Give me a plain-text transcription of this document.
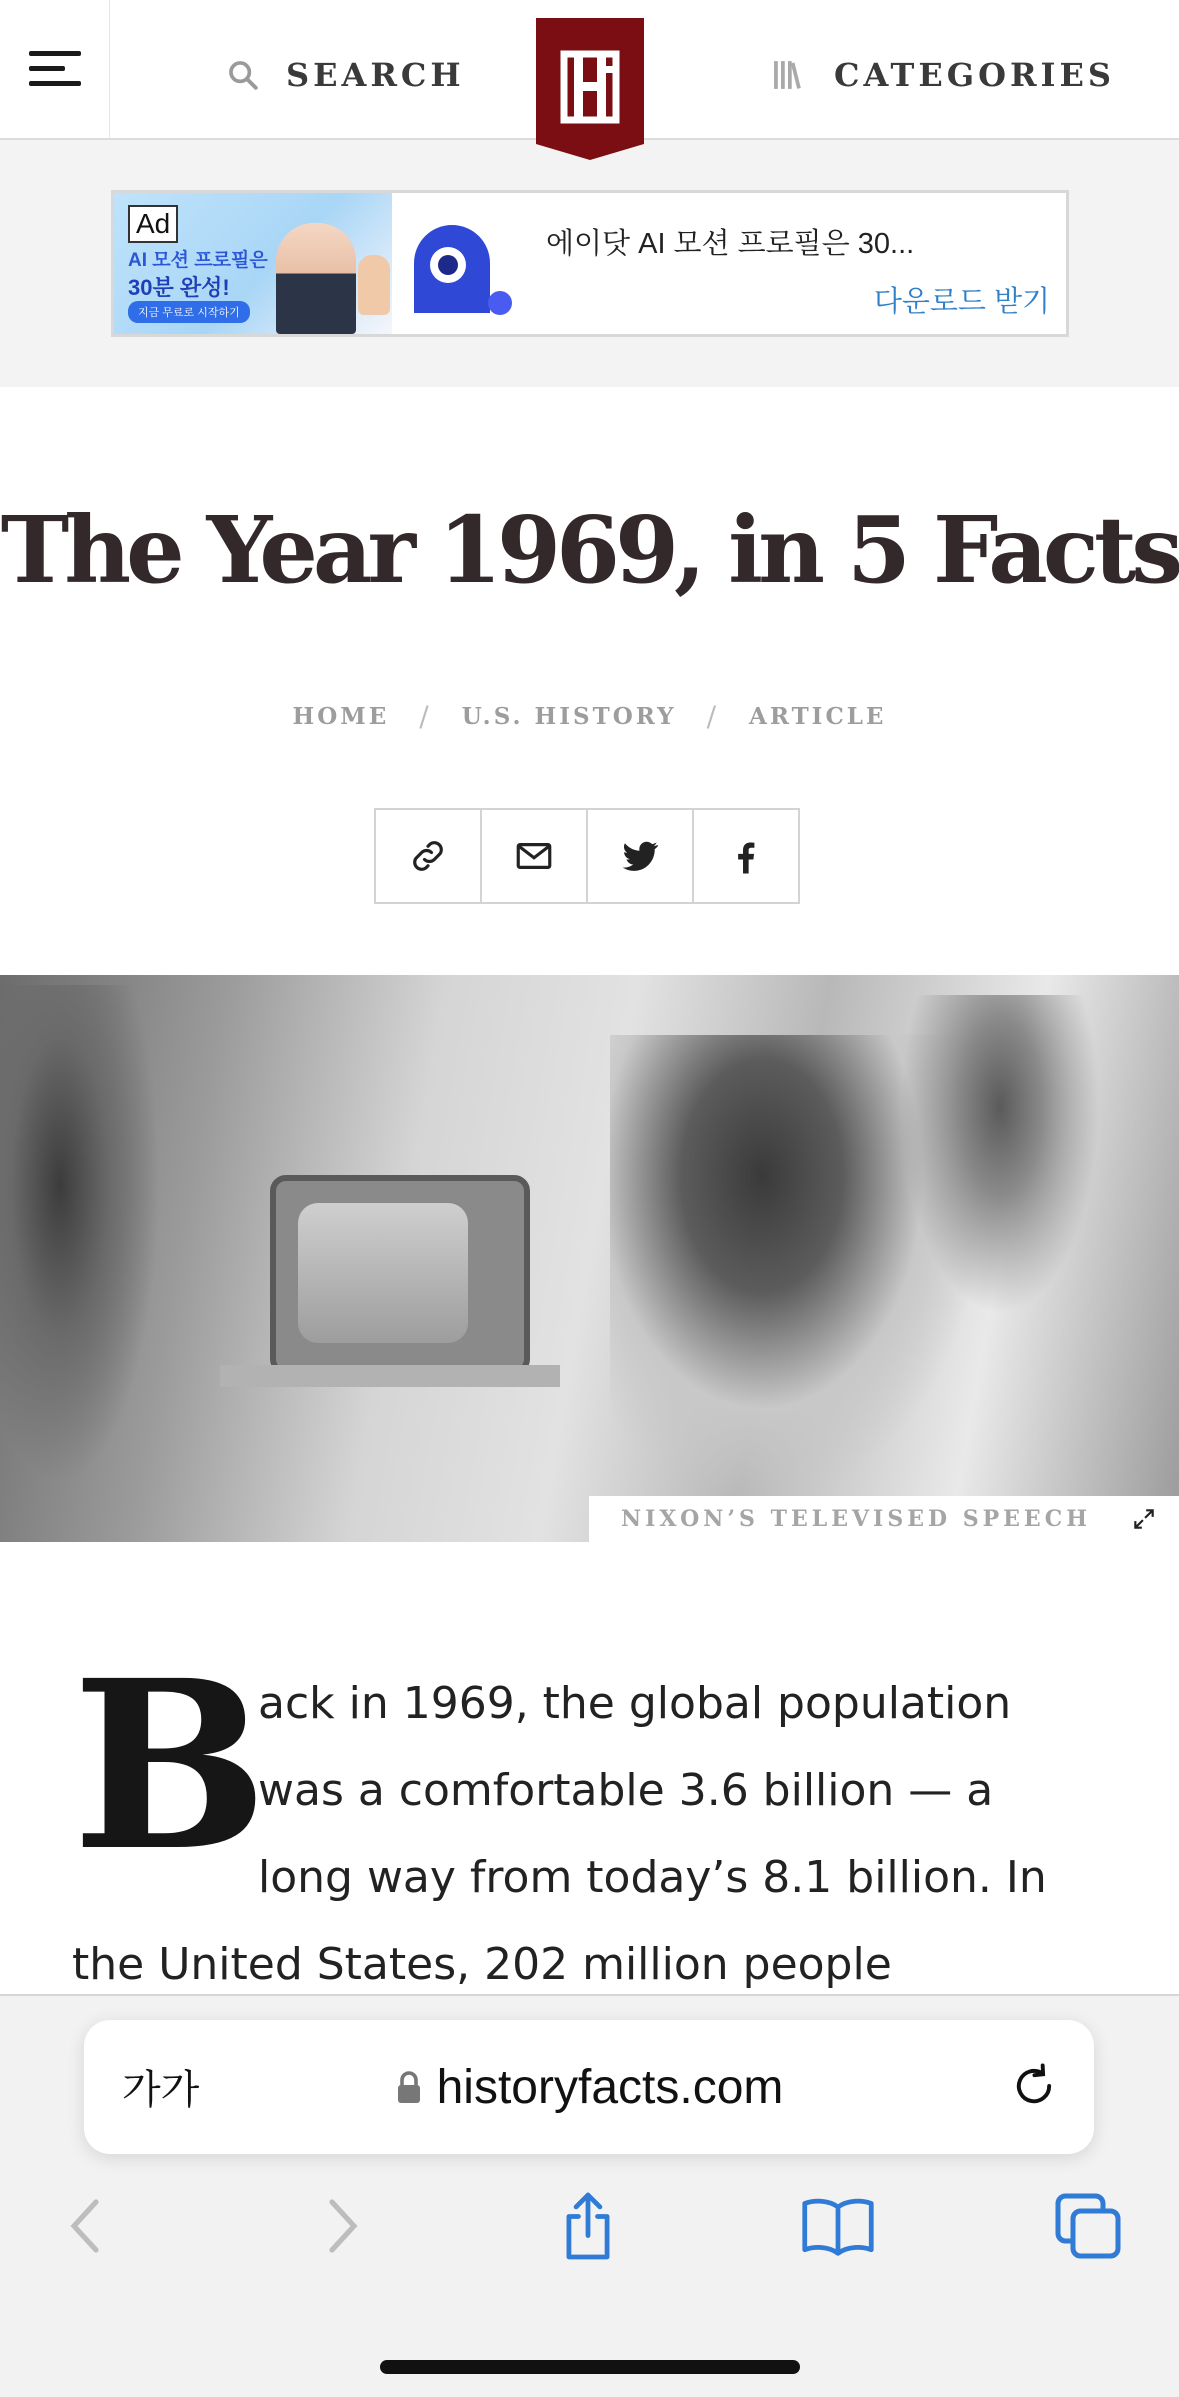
SEARCH	CATEGORIES
Ad
AI 모션 프로필은
30분 완성!
지금 무료로 시작하기
에이닷 AI 모션 프로필은 30...
다운로드 받기
The Year 1969, in 5 Facts
HOME / U.S. HISTORY / ARTICLE
NIXON’S TELEVISED SPEECH
B
ack in 1969, the global population
was a comfortable 3.6 billion — a
long way from today’s 8.1 billion. In
the United States, 202 million people
가가	historyfacts.com
